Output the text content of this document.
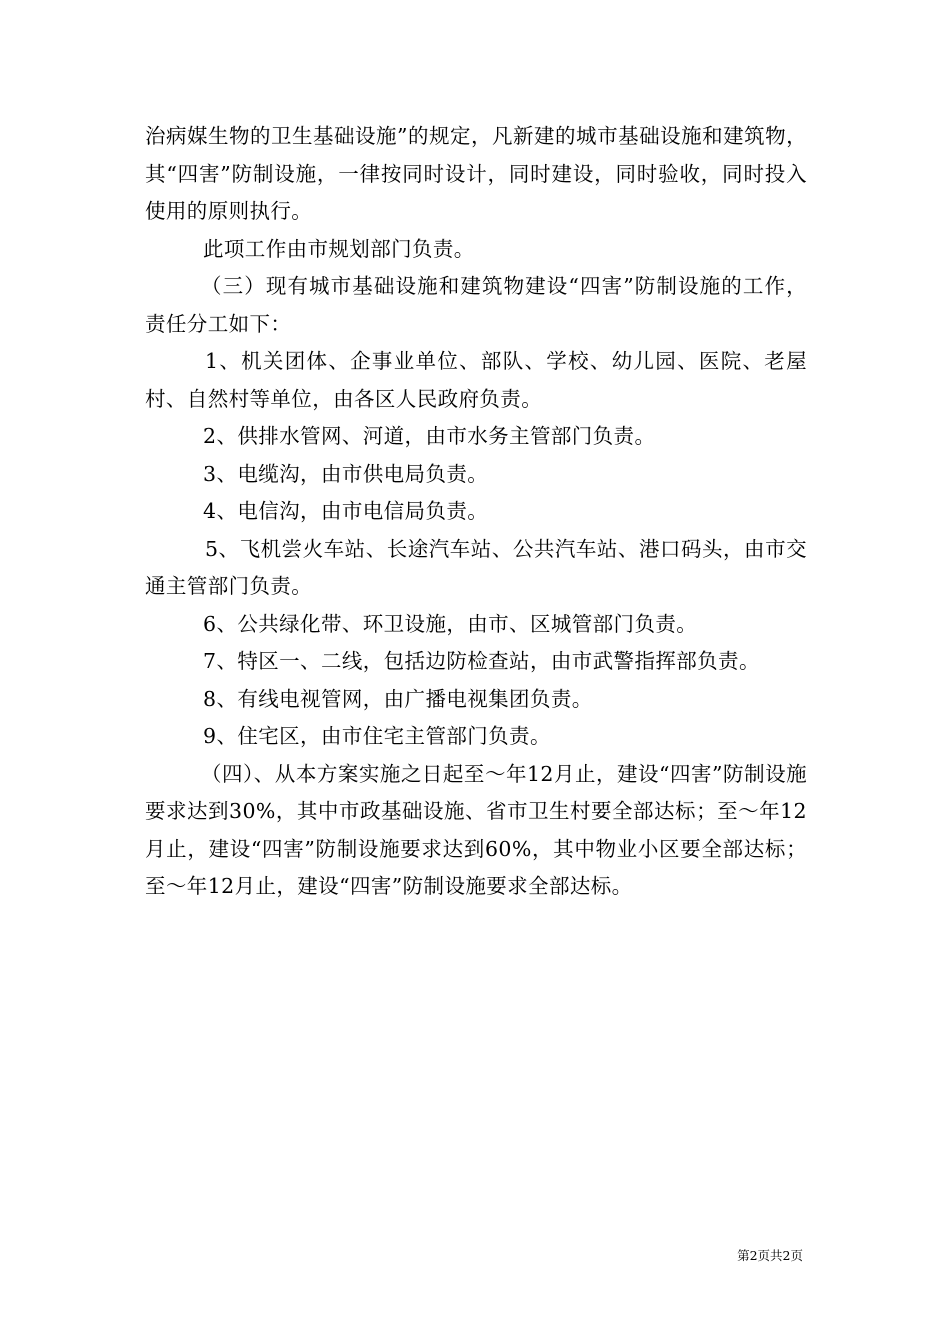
治病媒生物的卫生基础设施”的规定，凡新建的城市基础设施和建筑物，其“四害”防制设施，一律按同时设计，同时建设，同时验收，同时投入使用的原则执行。

此项工作由市规划部门负责。

（三）现有城市基础设施和建筑物建设“四害”防制设施的工作，责任分工如下：

1、机关团体、企事业单位、部队、学校、幼儿园、医院、老屋村、自然村等单位，由各区人民政府负责。

2、供排水管网、河道，由市水务主管部门负责。

3、电缆沟，由市供电局负责。

4、电信沟，由市电信局负责。

5、飞机尝火车站、长途汽车站、公共汽车站、港口码头，由市交通主管部门负责。

6、公共绿化带、环卫设施，由市、区城管部门负责。

7、特区一、二线，包括边防检查站，由市武警指挥部负责。

8、有线电视管网，由广播电视集团负责。

9、住宅区，由市住宅主管部门负责。

（四）、从本方案实施之日起至～年12月止，建设“四害”防制设施要求达到30%，其中市政基础设施、省市卫生村要全部达标；至～年12月止，建设“四害”防制设施要求达到60%，其中物业小区要全部达标；至～年12月止，建设“四害”防制设施要求全部达标。

第2页共2页
